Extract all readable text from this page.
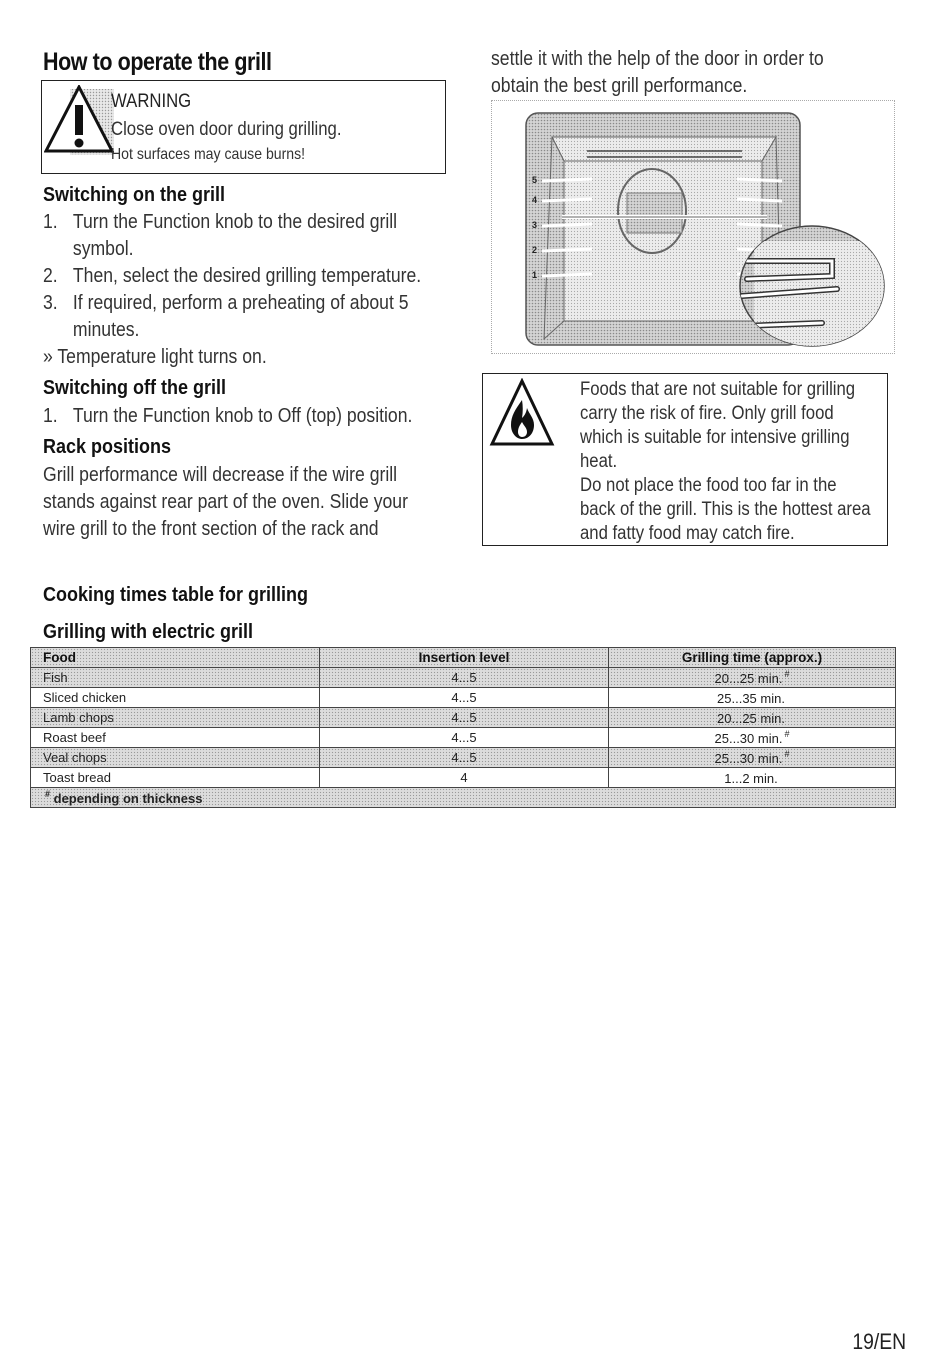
How to operate the grill
WARNING
Close oven door during grilling.
Hot surfaces may cause burns!
Switching on the grill
1. Turn the Function knob to the desired grill
symbol.
2. Then, select the desired grilling temperature.
3. If required, perform a preheating of about 5
minutes.
» Temperature light turns on.
Switching off the grill
1. Turn the Function knob to Off (top) position.
Rack positions
Grill performance will decrease if the wire grill
stands against rear part of the oven. Slide your
wire grill to the front section of the rack and
settle it with the help of the door in order to
obtain the best grill performance.
5
4
3
2
1
Foods that are not suitable for grilling
carry the risk of fire. Only grill food
which is suitable for intensive grilling
heat.
Do not place the food too far in the
back of the grill. This is the hottest area
and fatty food may catch fire.
Cooking times table for grilling
Grilling with electric grill
Food	Insertion level	Grilling time (approx.)
Fish	4...5	20...25 min. #
Sliced chicken	4...5	25...35 min.
Lamb chops	4...5	20...25 min.
Roast beef	4...5	25...30 min. #
Veal chops	4...5	25...30 min. #
Toast bread	4	1...2 min.
# depending on thickness		
19/EN
